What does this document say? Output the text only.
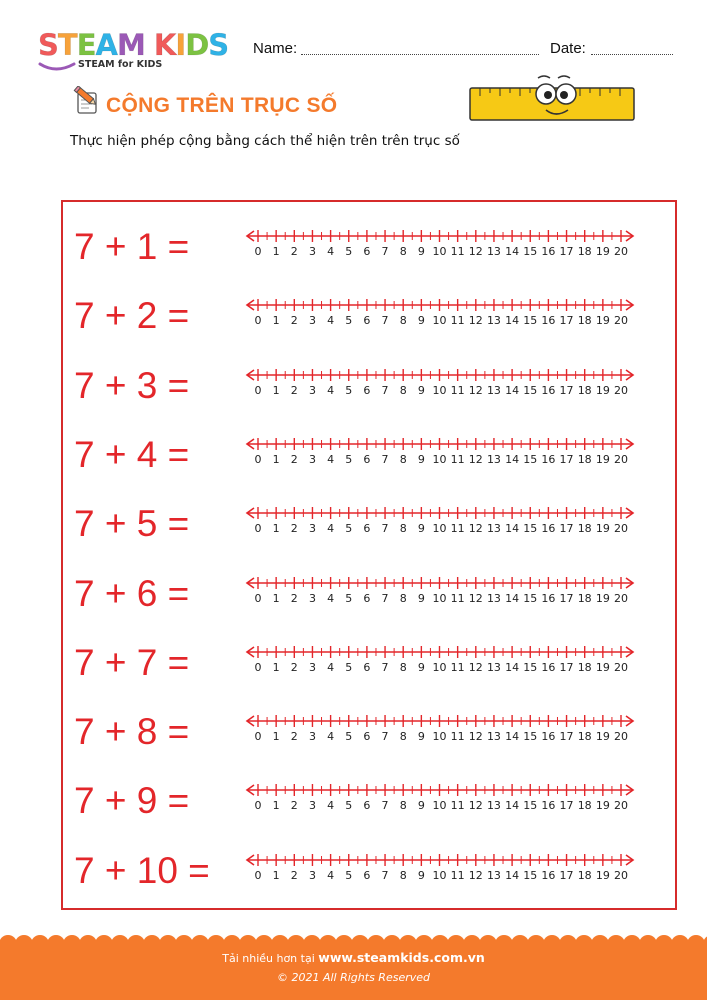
STEAM KIDS
STEAM for KIDS
Name:	Date:
CỘNG TRÊN TRỤC SỐ
Thực hiện phép cộng bằng cách thể hiện trên trên trục số
7 + 1 =	0 1 2 3 4 5 6 7 8 9 10 11 12 13 14 15 16 17 18 19 20
7 + 2 =	0 1 2 3 4 5 6 7 8 9 10 11 12 13 14 15 16 17 18 19 20
7 + 3 =	0 1 2 3 4 5 6 7 8 9 10 11 12 13 14 15 16 17 18 19 20
7 + 4 =	0 1 2 3 4 5 6 7 8 9 10 11 12 13 14 15 16 17 18 19 20
7 + 5 =	0 1 2 3 4 5 6 7 8 9 10 11 12 13 14 15 16 17 18 19 20
7 + 6 =	0 1 2 3 4 5 6 7 8 9 10 11 12 13 14 15 16 17 18 19 20
7 + 7 =	0 1 2 3 4 5 6 7 8 9 10 11 12 13 14 15 16 17 18 19 20
7 + 8 =	0 1 2 3 4 5 6 7 8 9 10 11 12 13 14 15 16 17 18 19 20
7 + 9 =	0 1 2 3 4 5 6 7 8 9 10 11 12 13 14 15 16 17 18 19 20
7 + 10 =	0 1 2 3 4 5 6 7 8 9 10 11 12 13 14 15 16 17 18 19 20
Tải nhiều hơn tại www.steamkids.com.vn
© 2021 All Rights Reserved
